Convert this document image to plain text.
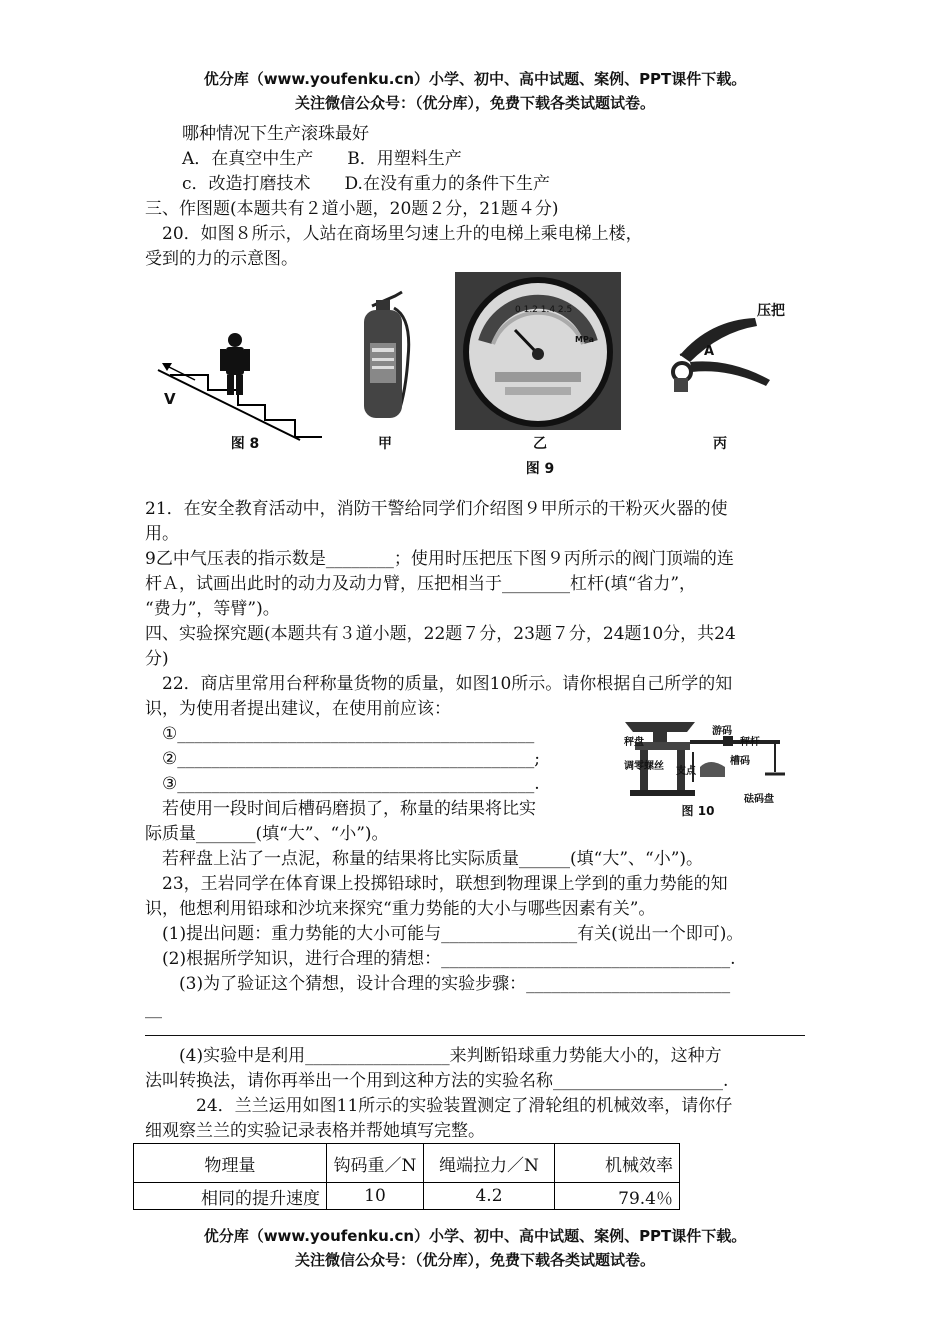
优分库（www.youfenku.cn）小学、初中、高中试题、案例、PPT课件下载。
关注微信公众号：（优分库），免费下载各类试题试卷。
哪种情况下生产滚珠最好
A．在真空中生产　　B．用塑料生产
c．改造打磨技术　　D.在没有重力的条件下生产
三、作图题(本题共有２道小题，20题２分，21题４分)
　20．如图８所示，人站在商场里匀速上升的电梯上乘电梯上楼，
受到的力的示意图。
V
图 8	甲
0 1.2 1.4 2.5
MPa
乙
压把
A
丙
图 9
21．在安全教育活动中，消防干警给同学们介绍图９甲所示的干粉灭火器的使
用。
9乙中气压表的指示数是________；使用时压把压下图９丙所示的阀门顶端的连
杆Ａ，试画出此时的动力及动力臂，压把相当于________杠杆(填“省力”，
“费力”，等臂”)。
四、实验探究题(本题共有３道小题，22题７分，23题７分，24题10分，共24
分)
　22．商店里常用台秤称量货物的质量，如图10所示。请你根据自己所学的知
识，为使用者提出建议，在使用前应该：
①__________________________________________
②__________________________________________;
③__________________________________________.
　若使用一段时间后槽码磨损了，称量的结果将比实
际质量_______(填“大”、“小”)。
　若秤盘上沾了一点泥，称量的结果将比实际质量______(填“大”、“小”)。
秤盘
游码
秤杆
调零螺丝	槽码
支点
砝码盘
图 10
　23，王岩同学在体育课上投掷铅球时，联想到物理课上学到的重力势能的知
识，他想利用铅球和沙坑来探究“重力势能的大小与哪些因素有关”。
　(1)提出问题：重力势能的大小可能与________________有关(说出一个即可)。
　(2)根据所学知识，进行合理的猜想：__________________________________.
　　(3)为了验证这个猜想，设计合理的实验步骤：________________________
__
　　(4)实验中是利用_________________来判断铅球重力势能大小的，这种方
法叫转换法，请你再举出一个用到这种方法的实验名称____________________.
　　　24．兰兰运用如图11所示的实验装置测定了滑轮组的机械效率，请你仔
细观察兰兰的实验记录表格并帮她填写完整。
物理量	钩码重／N	绳端拉力／N	机械效率
相同的提升速度	10	4.2	79.4％
优分库（www.youfenku.cn）小学、初中、高中试题、案例、PPT课件下载。
关注微信公众号：（优分库），免费下载各类试题试卷。
